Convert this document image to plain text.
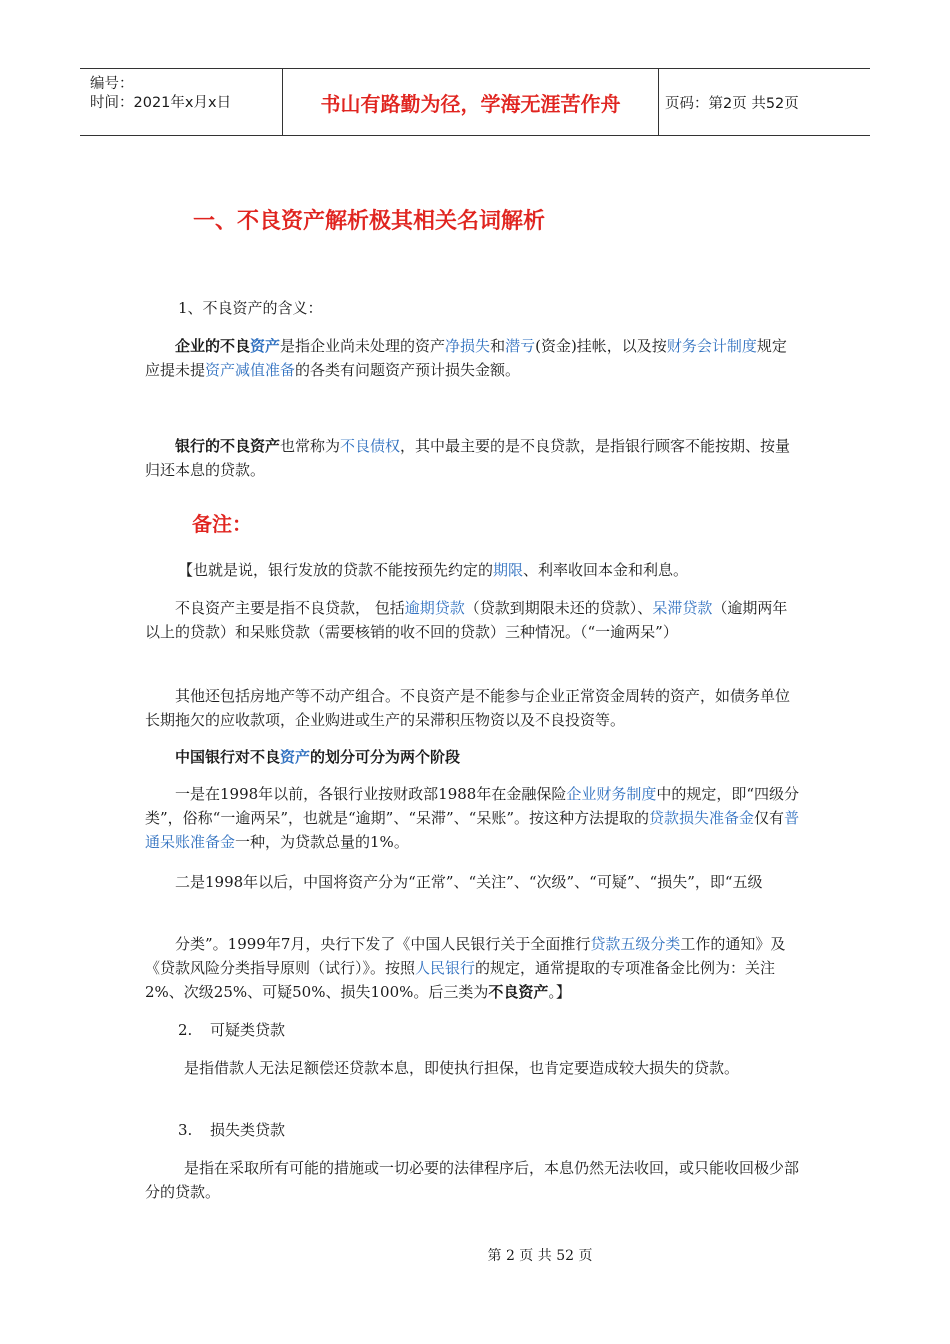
编号：
时间：2021年x月x日	书山有路勤为径，学海无涯苦作舟	页码：第2页 共52页
一、不良资产解析极其相关名词解析

1、不良资产的含义：

企业的不良资产是指企业尚未处理的资产净损失和潜亏(资金)挂帐，以及按财务会计制度规定应提未提资产减值准备的各类有问题资产预计损失金额。

银行的不良资产也常称为不良债权，其中最主要的是不良贷款，是指银行顾客不能按期、按量归还本息的贷款。

备注：

【也就是说，银行发放的贷款不能按预先约定的期限、利率收回本金和利息。

不良资产主要是指不良贷款， 包括逾期贷款（贷款到期限未还的贷款）、呆滞贷款（逾期两年以上的贷款）和呆账贷款（需要核销的收不回的贷款）三种情况。（“一逾两呆”）

其他还包括房地产等不动产组合。不良资产是不能参与企业正常资金周转的资产，如债务单位长期拖欠的应收款项，企业购进或生产的呆滞积压物资以及不良投资等。

中国银行对不良资产的划分可分为两个阶段

一是在1998年以前，各银行业按财政部1988年在金融保险企业财务制度中的规定，即“四级分类”，俗称“一逾两呆”，也就是“逾期”、“呆滞”、“呆账”。按这种方法提取的贷款损失准备金仅有普通呆账准备金一种，为贷款总量的1%。

二是1998年以后，中国将资产分为“正常”、“关注”、“次级”、“可疑”、“损失”，即“五级

分类”。1999年7月，央行下发了《中国人民银行关于全面推行贷款五级分类工作的通知》及《贷款风险分类指导原则（试行）》。按照人民银行的规定，通常提取的专项准备金比例为：关注2%、次级25%、可疑50%、损失100%。后三类为不良资产。】

2. 可疑类贷款

是指借款人无法足额偿还贷款本息，即使执行担保，也肯定要造成较大损失的贷款。

3. 损失类贷款

是指在采取所有可能的措施或一切必要的法律程序后，本息仍然无法收回，或只能收回极少部分的贷款。

第 2 页 共 52 页
